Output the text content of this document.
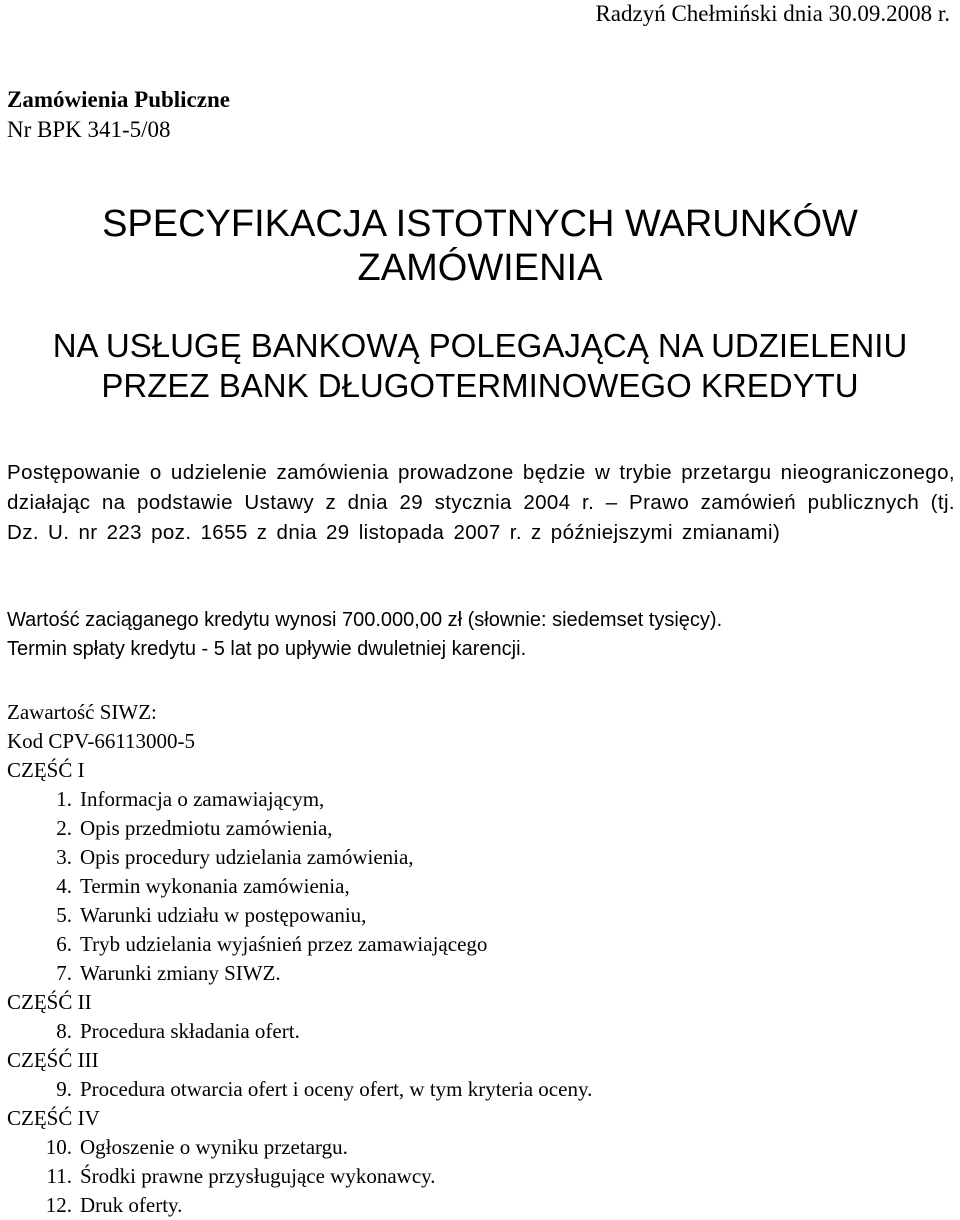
Radzyń Chełmiński dnia 30.09.2008 r.
Zamówienia Publiczne
Nr BPK 341-5/08
SPECYFIKACJA ISTOTNYCH WARUNKÓW
ZAMÓWIENIA
NA USŁUGĘ BANKOWĄ POLEGAJĄCĄ NA UDZIELENIU
PRZEZ BANK DŁUGOTERMINOWEGO KREDYTU
Postępowanie o udzielenie zamówienia prowadzone będzie w trybie przetargu nieograniczonego, działając na podstawie Ustawy z dnia 29 stycznia 2004 r. – Prawo zamówień publicznych (tj. Dz. U. nr 223 poz. 1655 z dnia 29 listopada 2007 r. z późniejszymi zmianami)
Wartość zaciąganego kredytu wynosi 700.000,00 zł (słownie: siedemset tysięcy).
Termin spłaty kredytu - 5 lat po upływie dwuletniej karencji.
Zawartość SIWZ:
Kod CPV-66113000-5
CZĘŚĆ I
1. Informacja o zamawiającym,
2. Opis przedmiotu zamówienia,
3. Opis procedury udzielania zamówienia,
4. Termin wykonania zamówienia,
5. Warunki udziału w postępowaniu,
6. Tryb udzielania wyjaśnień przez zamawiającego
7. Warunki zmiany SIWZ.
CZĘŚĆ II
8. Procedura składania ofert.
CZĘŚĆ III
9. Procedura otwarcia ofert i oceny ofert, w tym kryteria oceny.
CZĘŚĆ IV
10. Ogłoszenie o wyniku przetargu.
11. Środki prawne przysługujące wykonawcy.
12. Druk oferty.
